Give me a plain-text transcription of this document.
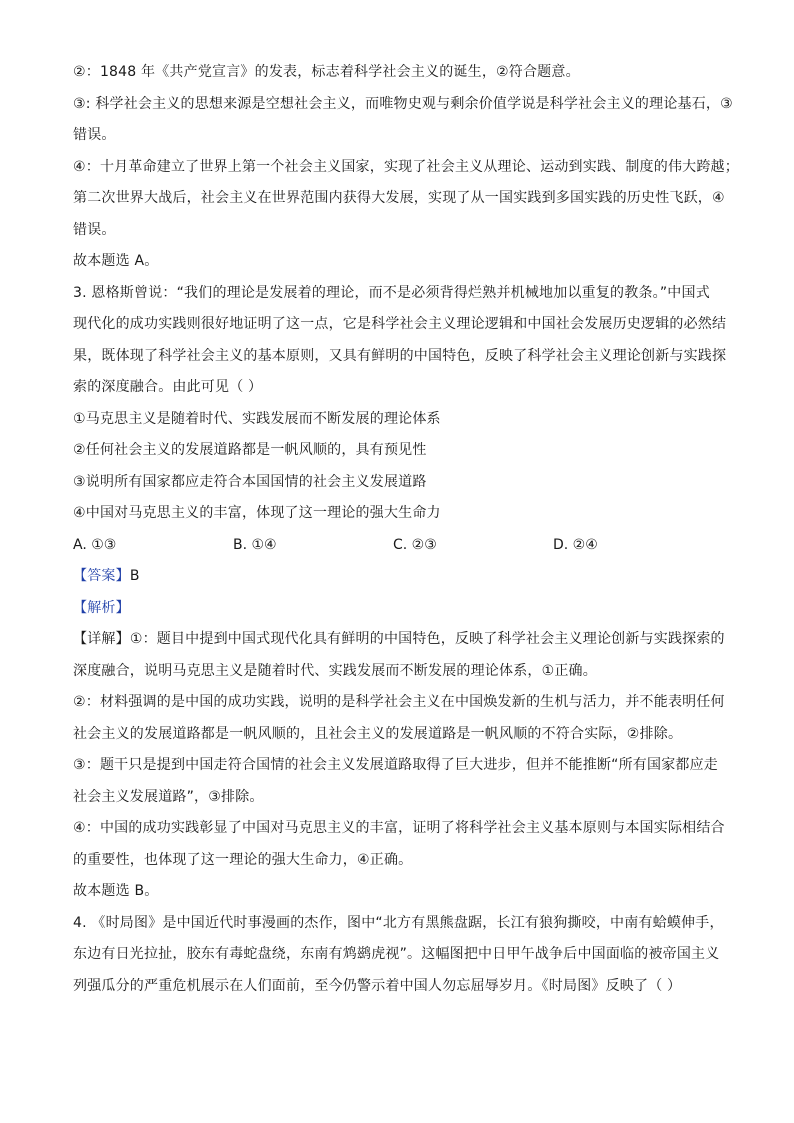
②：1848 年《共产党宣言》的发表，标志着科学社会主义的诞生，②符合题意。

③: 科学社会主义的思想来源是空想社会主义，而唯物史观与剩余价值学说是科学社会主义的理论基石，③

错误。

④：十月革命建立了世界上第一个社会主义国家，实现了社会主义从理论、运动到实践、制度的伟大跨越；

第二次世界大战后，社会主义在世界范围内获得大发展，实现了从一国实践到多国实践的历史性飞跃，④

错误。

故本题选 A。

3. 恩格斯曾说：“我们的理论是发展着的理论，而不是必须背得烂熟并机械地加以重复的教条。”中国式

现代化的成功实践则很好地证明了这一点，它是科学社会主义理论逻辑和中国社会发展历史逻辑的必然结

果，既体现了科学社会主义的基本原则，又具有鲜明的中国特色，反映了科学社会主义理论创新与实践探

索的深度融合。由此可见（ ）

①马克思主义是随着时代、实践发展而不断发展的理论体系

②任何社会主义的发展道路都是一帆风顺的，具有预见性

③说明所有国家都应走符合本国国情的社会主义发展道路

④中国对马克思主义的丰富，体现了这一理论的强大生命力

A. ①③	B. ①④	C. ②③	D. ②④

【答案】B

【解析】

【详解】①：题目中提到中国式现代化具有鲜明的中国特色，反映了科学社会主义理论创新与实践探索的

深度融合，说明马克思主义是随着时代、实践发展而不断发展的理论体系，①正确。

②：材料强调的是中国的成功实践，说明的是科学社会主义在中国焕发新的生机与活力，并不能表明任何

社会主义的发展道路都是一帆风顺的，且社会主义的发展道路是一帆风顺的不符合实际，②排除。

③：题干只是提到中国走符合国情的社会主义发展道路取得了巨大进步，但并不能推断“所有国家都应走

社会主义发展道路”，③排除。

④：中国的成功实践彰显了中国对马克思主义的丰富，证明了将科学社会主义基本原则与本国实际相结合

的重要性，也体现了这一理论的强大生命力，④正确。

故本题选 B。

4. 《时局图》是中国近代时事漫画的杰作，图中“北方有黑熊盘踞，长江有狼狗撕咬，中南有蛤蟆伸手，

东边有日光拉扯，胶东有毒蛇盘绕，东南有鸩鹚虎视”。这幅图把中日甲午战争后中国面临的被帝国主义

列强瓜分的严重危机展示在人们面前，至今仍警示着中国人勿忘屈辱岁月。《时局图》反映了（ ）
